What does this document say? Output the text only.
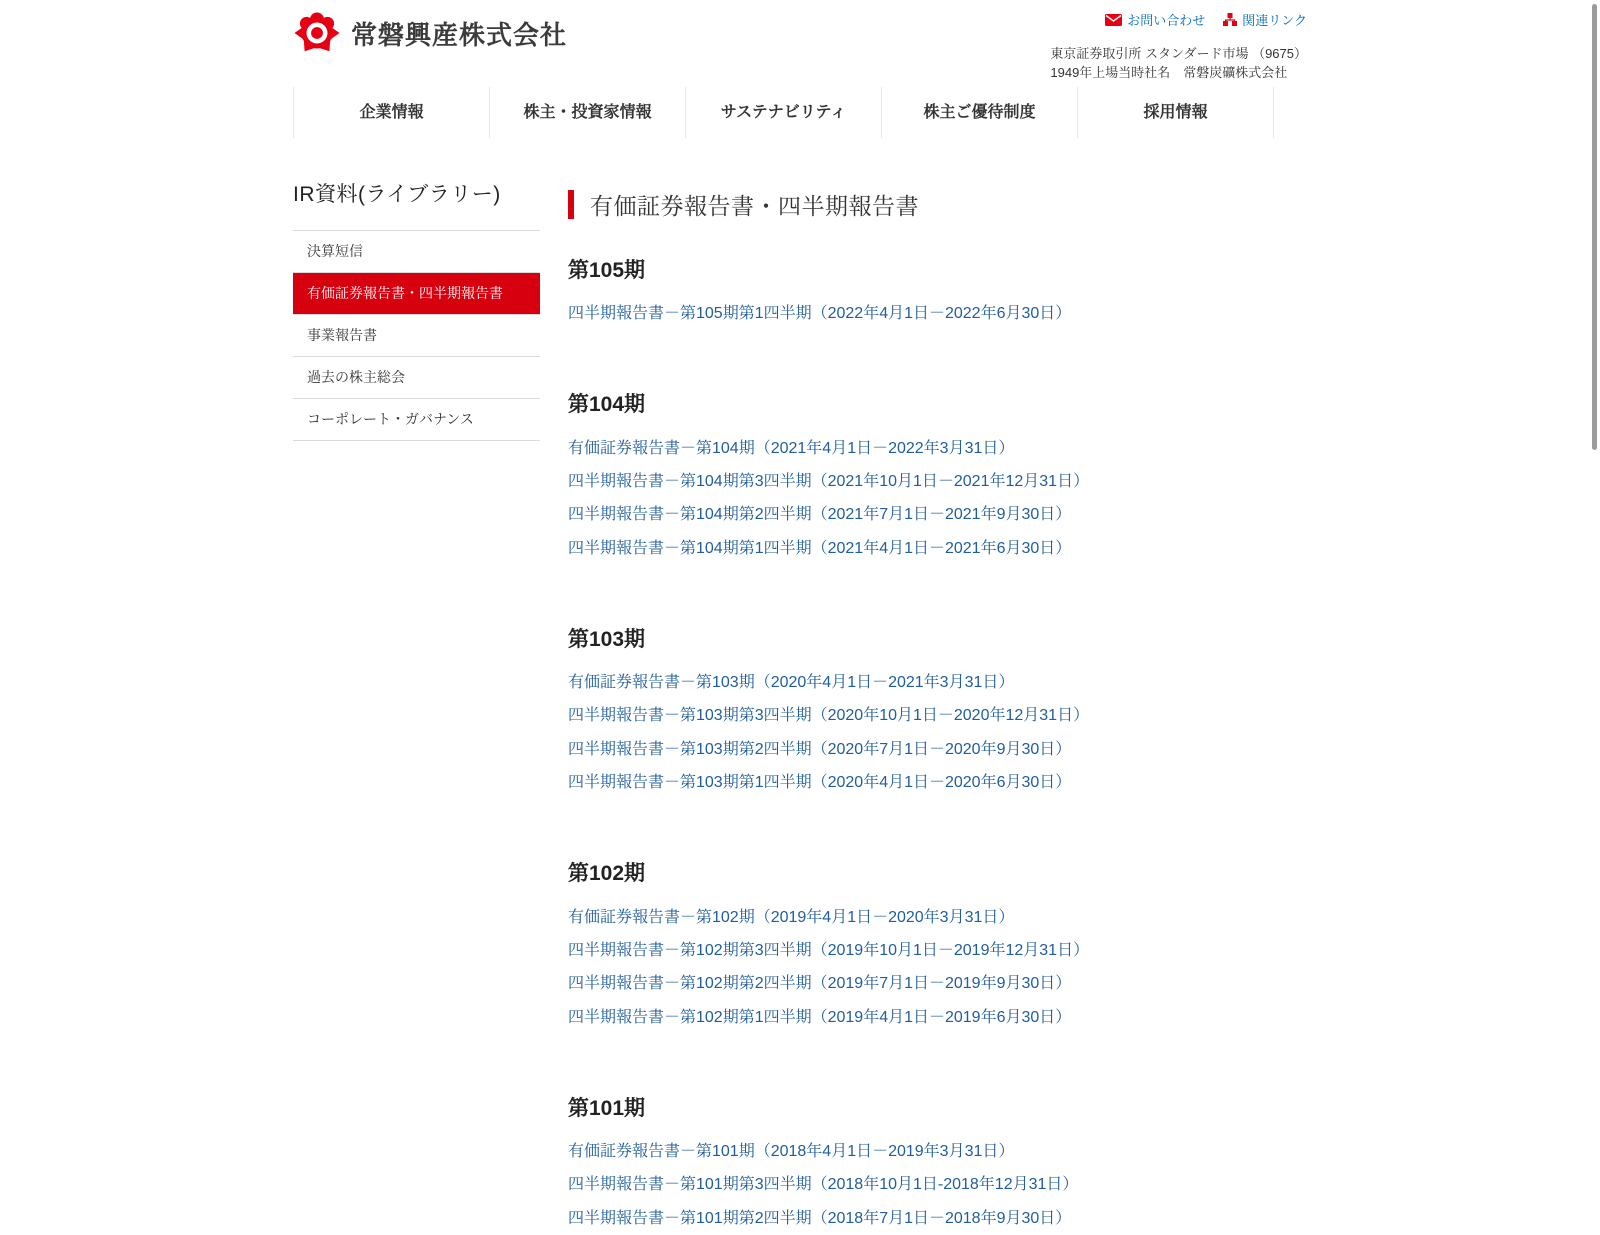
常磐興産株式会社	お問い合わせ	関連リンク
東京証券取引所 スタンダード市場 （9675）
1949年上場当時社名　常磐炭礦株式会社
企業情報	株主・投資家情報	サステナビリティ	株主ご優待制度	採用情報
IR資料(ライブラリー)
決算短信
有価証券報告書・四半期報告書
事業報告書
過去の株主総会
コーポレート・ガバナンス
有価証券報告書・四半期報告書
第105期
四半期報告書－第105期第1四半期（2022年4月1日－2022年6月30日）
第104期
有価証券報告書－第104期（2021年4月1日－2022年3月31日）
四半期報告書－第104期第3四半期（2021年10月1日－2021年12月31日）
四半期報告書－第104期第2四半期（2021年7月1日－2021年9月30日）
四半期報告書－第104期第1四半期（2021年4月1日－2021年6月30日）
第103期
有価証券報告書－第103期（2020年4月1日－2021年3月31日）
四半期報告書－第103期第3四半期（2020年10月1日－2020年12月31日）
四半期報告書－第103期第2四半期（2020年7月1日－2020年9月30日）
四半期報告書－第103期第1四半期（2020年4月1日－2020年6月30日）
第102期
有価証券報告書－第102期（2019年4月1日－2020年3月31日）
四半期報告書－第102期第3四半期（2019年10月1日－2019年12月31日）
四半期報告書－第102期第2四半期（2019年7月1日－2019年9月30日）
四半期報告書－第102期第1四半期（2019年4月1日－2019年6月30日）
第101期
有価証券報告書－第101期（2018年4月1日－2019年3月31日）
四半期報告書－第101期第3四半期（2018年10月1日-2018年12月31日）
四半期報告書－第101期第2四半期（2018年7月1日－2018年9月30日）
